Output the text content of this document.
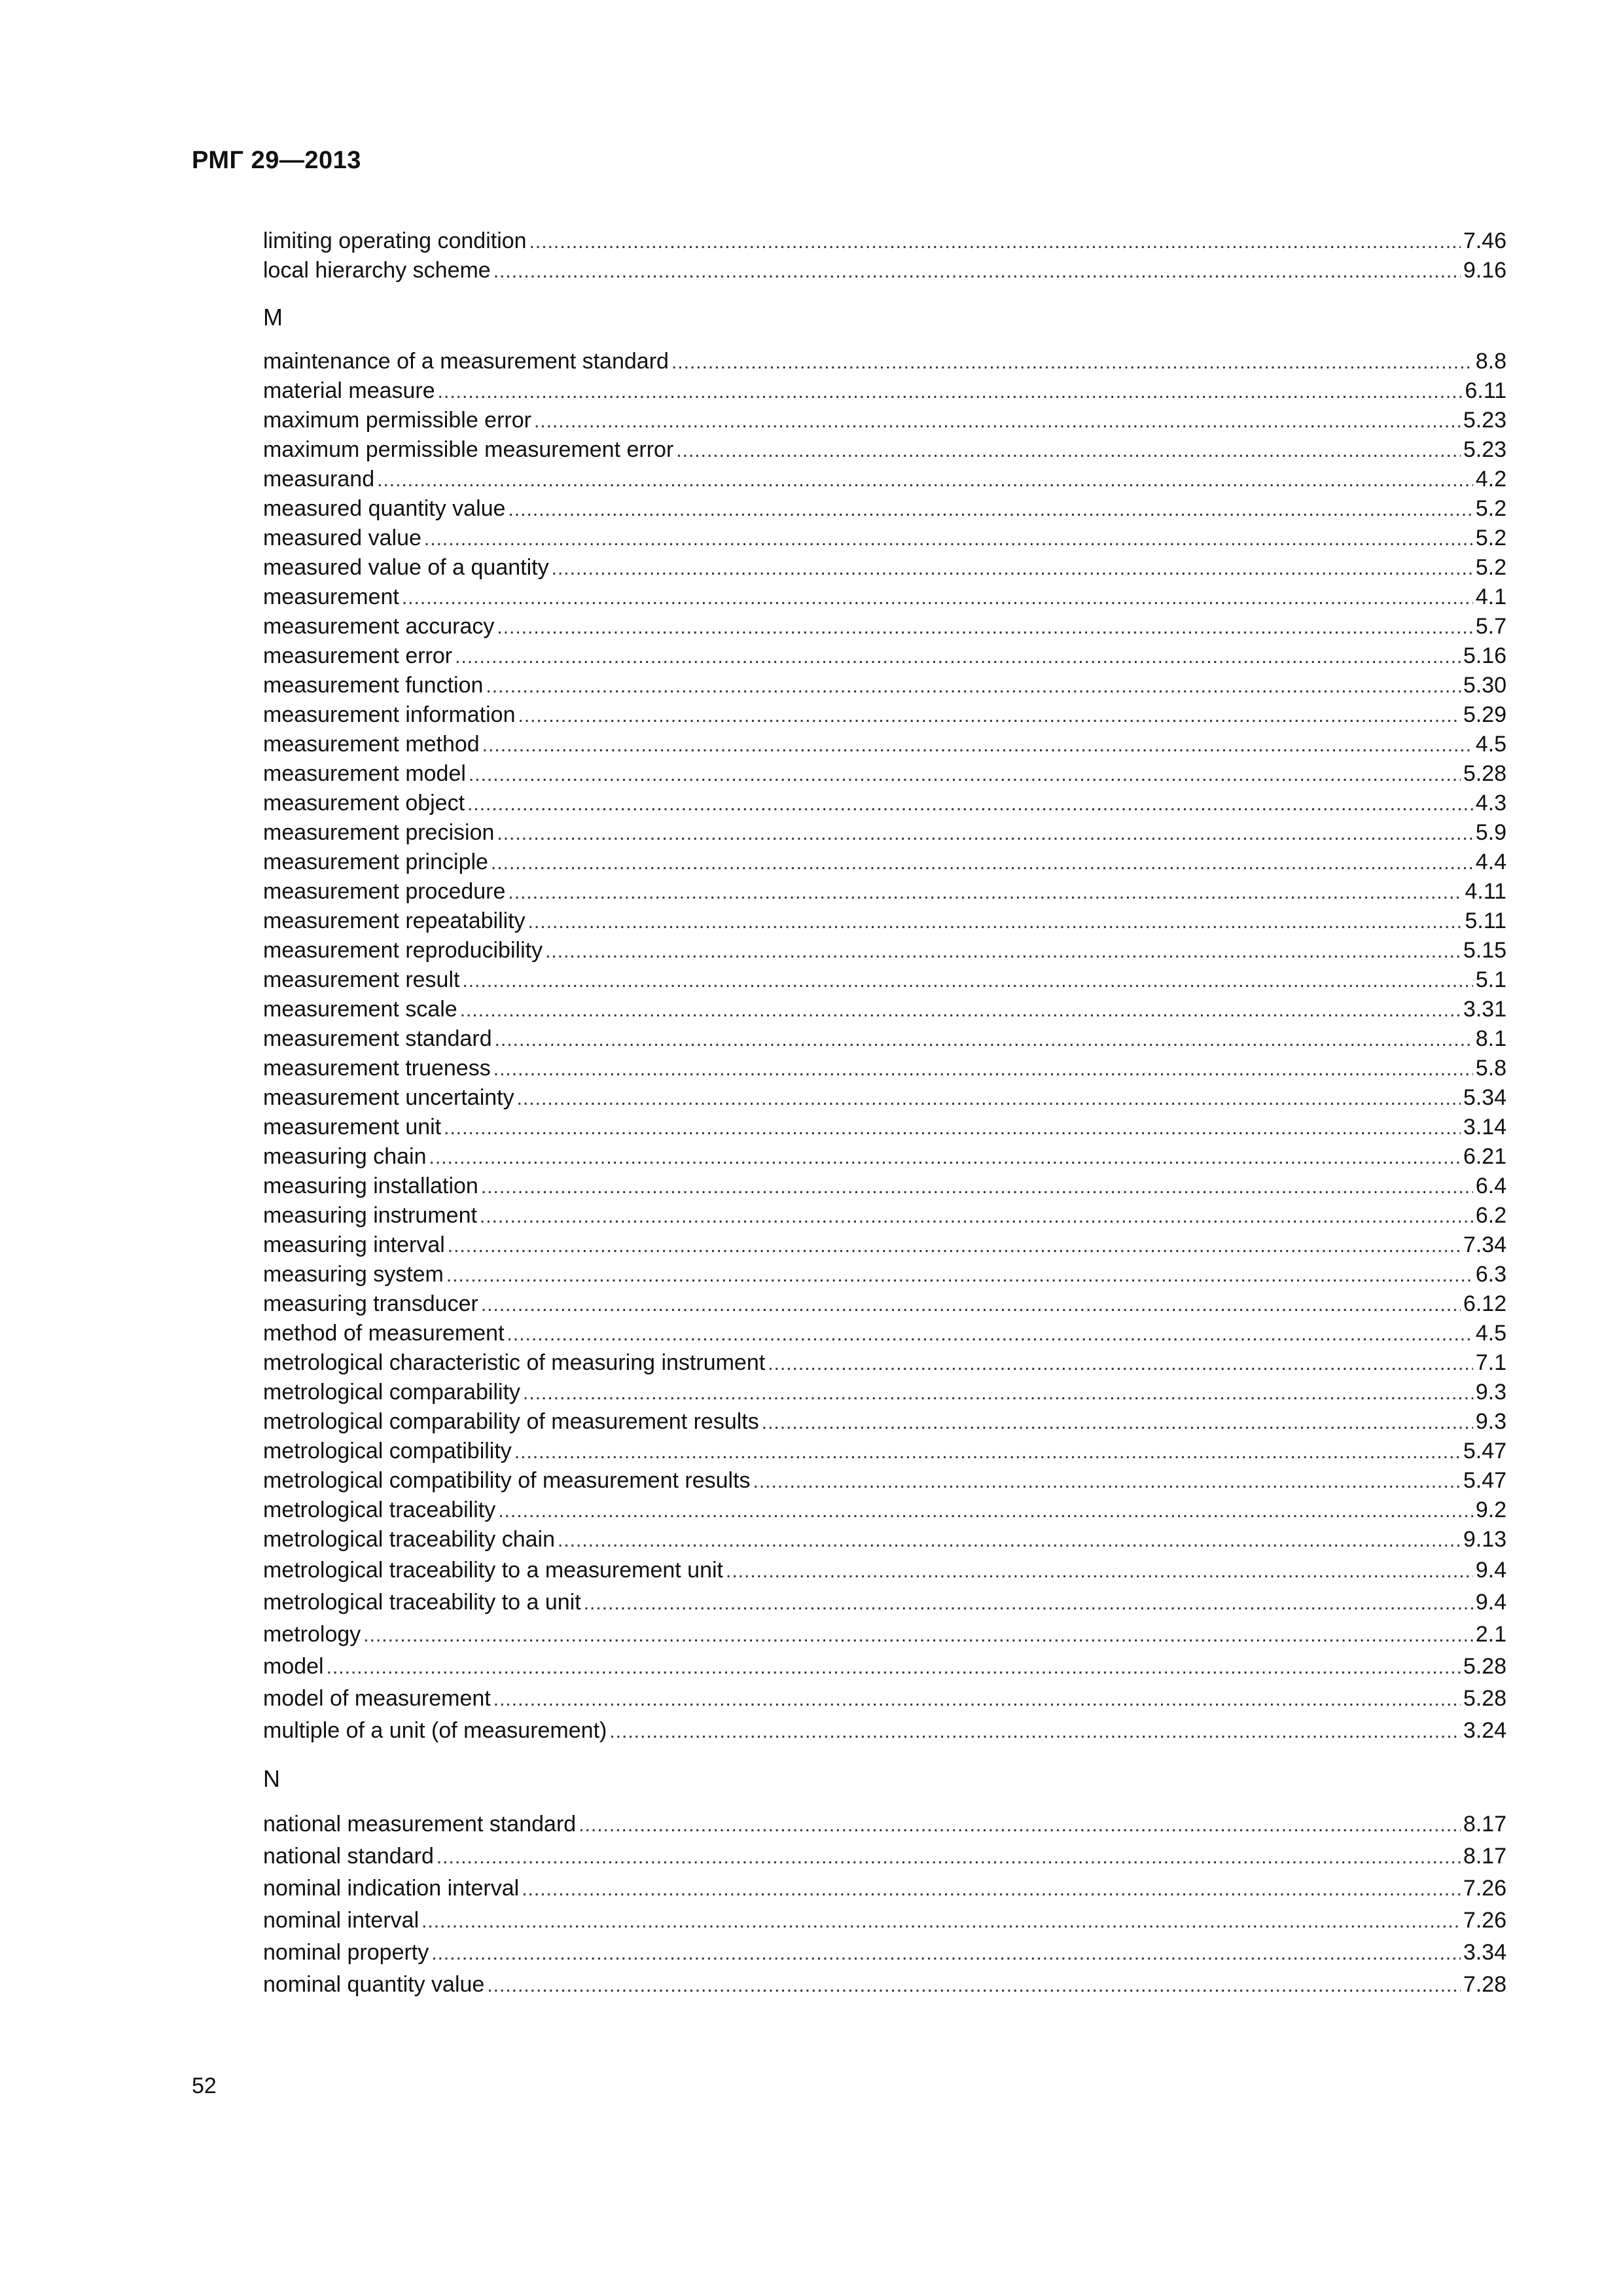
РМГ 29—2013
limiting operating condition .....	7.46
local hierarchy scheme .....	9.16
M
maintenance of a measurement standard .....	8.8
material measure .....	6.11
maximum permissible error .....	5.23
maximum permissible measurement error .....	5.23
measurand .....	4.2
measured quantity value .....	5.2
measured value .....	5.2
measured value of a quantity .....	5.2
measurement .....	4.1
measurement accuracy .....	5.7
measurement error .....	5.16
measurement function .....	5.30
measurement information .....	5.29
measurement method .....	4.5
measurement model .....	5.28
measurement object .....	4.3
measurement precision .....	5.9
measurement principle .....	4.4
measurement procedure .....	4.11
measurement repeatability .....	5.11
measurement reproducibility .....	5.15
measurement result .....	5.1
measurement scale .....	3.31
measurement standard .....	8.1
measurement trueness .....	5.8
measurement uncertainty .....	5.34
measurement unit .....	3.14
measuring chain .....	6.21
measuring installation .....	6.4
measuring instrument .....	6.2
measuring interval .....	7.34
measuring system .....	6.3
measuring transducer .....	6.12
method of measurement .....	4.5
metrological characteristic of measuring instrument .....	7.1
metrological comparability .....	9.3
metrological comparability of measurement results .....	9.3
metrological compatibility .....	5.47
metrological compatibility of measurement results .....	5.47
metrological traceability .....	9.2
metrological traceability chain .....	9.13
metrological traceability to a measurement unit .....	9.4
metrological traceability to a unit .....	9.4
metrology .....	2.1
model .....	5.28
model of measurement .....	5.28
multiple of a unit (of measurement) .....	3.24
N
national measurement standard .....	8.17
national standard .....	8.17
nominal indication interval .....	7.26
nominal interval .....	7.26
nominal property .....	3.34
nominal quantity value .....	7.28
52
